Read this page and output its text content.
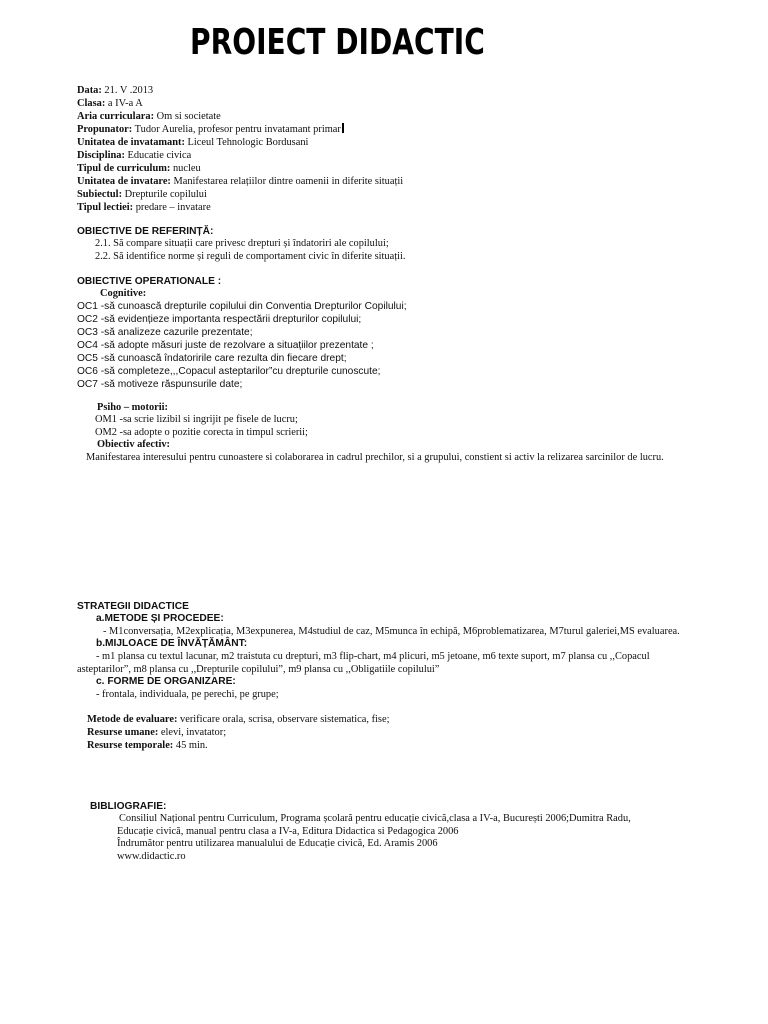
PROIECT DIDACTIC
Data: 21. V .2013
Clasa: a IV-a A
Aria curriculara: Om si societate
Propunator: Tudor Aurelia, profesor pentru invatamant primar
Unitatea de invatamant: Liceul Tehnologic Bordusani
Disciplina: Educatie civica
Tipul de curriculum: nucleu
Unitatea de invatare: Manifestarea relațiilor dintre oamenii in diferite situații
Subiectul: Drepturile copilului
Tipul lectiei: predare – invatare
OBIECTIVE DE REFERINȚĂ:
2.1. Să compare situații care privesc drepturi și îndatoriri ale copilului;
2.2. Să identifice norme și reguli de comportament civic în diferite situații.
OBIECTIVE OPERATIONALE :
Cognitive:
OC1 -să cunoască drepturile copilului din Conventia Drepturilor Copilului;
OC2 -să evidențieze importanta respectării drepturilor copilului;
OC3 -să analizeze cazurile prezentate;
OC4 -să adopte măsuri juste de rezolvare a situațiilor prezentate ;
OC5 -să cunoască îndatoririle care rezulta din fiecare drept;
OC6 -să completeze,,,Copacul asteptarilor”cu drepturile cunoscute;
OC7 -să motiveze răspunsurile date;
Psiho – motorii:
OM1 -sa scrie lizibil si ingrijit pe fisele de lucru;
OM2 -sa adopte o pozitie corecta in timpul scrierii;
Obiectiv afectiv:
Manifestarea interesului pentru cunoastere si colaborarea in cadrul prechilor, si a grupului, constient si activ la relizarea sarcinilor de lucru.
STRATEGII DIDACTICE
a.METODE ȘI PROCEDEE:
- M1conversația, M2explicația, M3expunerea, M4studiul de caz, M5munca în echipă, M6problematizarea, M7turul galeriei,MS evaluarea.
b.MIJLOACE DE ÎNVĂȚĂMÂNT:
- m1 plansa cu textul lacunar, m2 traistuta cu drepturi, m3 flip-chart, m4 plicuri, m5 jetoane, m6 texte suport, m7 plansa cu ,,Copacul
asteptarilor”, m8 plansa cu ,,Drepturile copilului”, m9 plansa cu ,,Obligatiile copilului”
c. FORME DE ORGANIZARE:
- frontala, individuala, pe perechi, pe grupe;
Metode de evaluare: verificare orala, scrisa, observare sistematica, fise;
Resurse umane: elevi, invatator;
Resurse temporale: 45 min.
BIBLIOGRAFIE:
Consiliul Național pentru Curriculum, Programa școlară pentru educație civică,clasa a IV-a, București 2006;Dumitra Radu,
Educație civică, manual pentru clasa a IV-a, Editura Didactica si Pedagogica 2006
Îndrumător pentru utilizarea manualului de Educație civică, Ed. Aramis 2006
www.didactic.ro
